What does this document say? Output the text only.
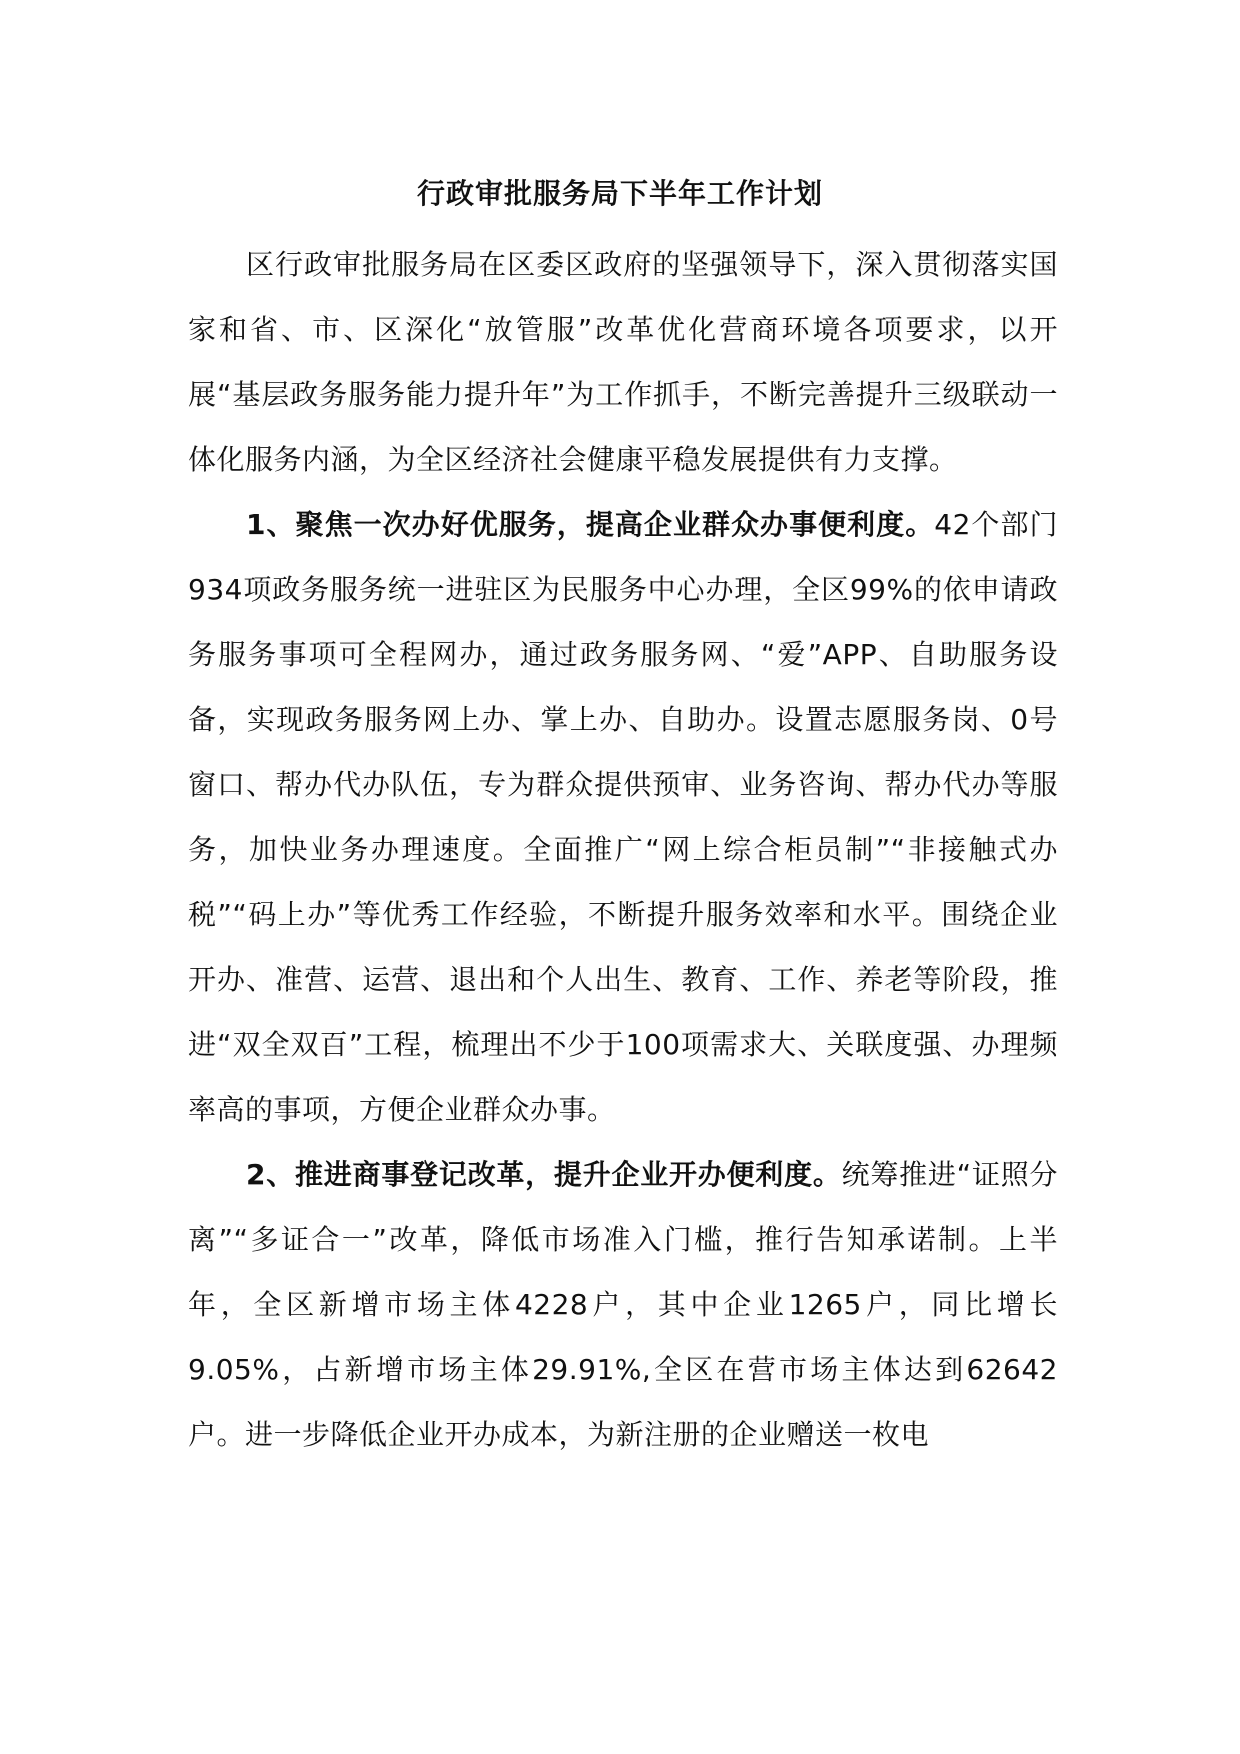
行政审批服务局下半年工作计划

区行政审批服务局在区委区政府的坚强领导下，深入贯彻落实国家和省、市、区深化“放管服”改革优化营商环境各项要求，以开展“基层政务服务能力提升年”为工作抓手，不断完善提升三级联动一体化服务内涵，为全区经济社会健康平稳发展提供有力支撑。

1、聚焦一次办好优服务，提高企业群众办事便利度。42个部门934项政务服务统一进驻区为民服务中心办理，全区99%的依申请政务服务事项可全程网办，通过政务服务网、“爱”APP、自助服务设备，实现政务服务网上办、掌上办、自助办。设置志愿服务岗、0号窗口、帮办代办队伍，专为群众提供预审、业务咨询、帮办代办等服务，加快业务办理速度。全面推广“网上综合柜员制”“非接触式办税”“码上办”等优秀工作经验，不断提升服务效率和水平。围绕企业开办、准营、运营、退出和个人出生、教育、工作、养老等阶段，推进“双全双百”工程，梳理出不少于100项需求大、关联度强、办理频率高的事项，方便企业群众办事。

2、推进商事登记改革，提升企业开办便利度。统筹推进“证照分离”“多证合一”改革，降低市场准入门槛，推行告知承诺制。上半年，全区新增市场主体4228户，其中企业1265户，同比增长9.05%，占新增市场主体29.91%,全区在营市场主体达到62642户。进一步降低企业开办成本，为新注册的企业赠送一枚电
